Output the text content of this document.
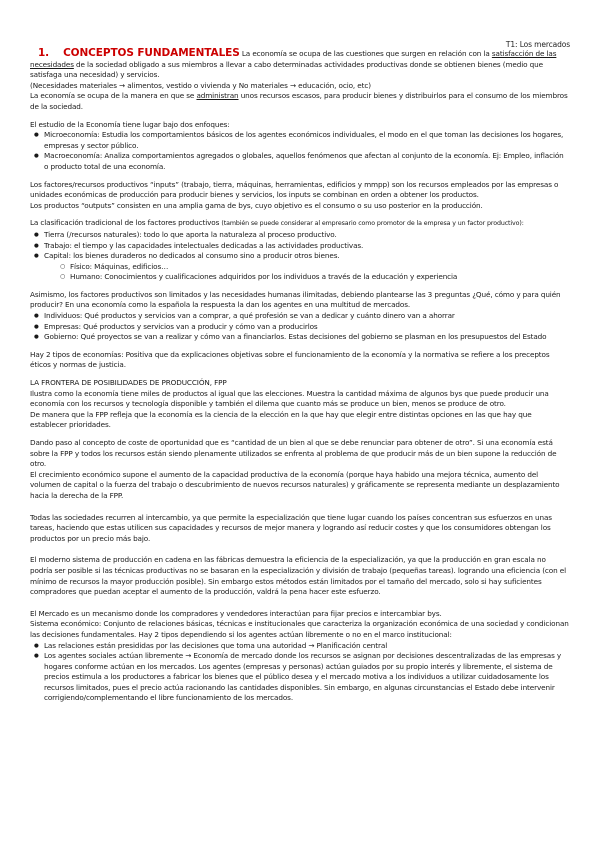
T1: Los mercados

1. CONCEPTOS FUNDAMENTALES La economía se ocupa de las cuestiones que surgen en relación con la satisfacción de las necesidades de la sociedad obligado a sus miembros a llevar a cabo determinadas actividades productivas donde se obtienen bienes (medio que satisfaga una necesidad) y servicios.

(Necesidades materiales → alimentos, vestido o vivienda y No materiales → educación, ocio, etc)

La economía se ocupa de la manera en que se administran unos recursos escasos, para producir bienes y distribuirlos para el consumo de los miembros de la sociedad.

El estudio de la Economía tiene lugar bajo dos enfoques:

● Microeconomía: Estudia los comportamientos básicos de los agentes económicos individuales, el modo en el que toman las decisiones los hogares, empresas y sector público.
● Macroeconomía: Analiza comportamientos agregados o globales, aquellos fenómenos que afectan al conjunto de la economía. Ej: Empleo, inflación o producto total de una economía.

Los factores/recursos productivos “inputs” (trabajo, tierra, máquinas, herramientas, edificios y mmpp) son los recursos empleados por las empresas o unidades económicas de producción para producir bienes y servicios, los inputs se combinan en orden a obtener los productos.

Los productos “outputs” consisten en una amplia gama de bys, cuyo objetivo es el consumo o su uso posterior en la producción.

La clasificación tradicional de los factores productivos (también se puede considerar al empresario como promotor de la empresa y un factor productivo):

● Tierra (/recursos naturales): todo lo que aporta la naturaleza al proceso productivo.
● Trabajo: el tiempo y las capacidades intelectuales dedicadas a las actividades productivas.
● Capital: los bienes duraderos no dedicados al consumo sino a producir otros bienes.
○ Físico: Máquinas, edificios…
○ Humano: Conocimientos y cualificaciones adquiridos por los individuos a través de la educación y experiencia

Asimismo, los factores productivos son limitados y las necesidades humanas ilimitadas, debiendo plantearse las 3 preguntas ¿Qué, cómo y para quién producir? En una economía como la española la respuesta la dan los agentes en una multitud de mercados.

● Individuos: Qué productos y servicios van a comprar, a qué profesión se van a dedicar y cuánto dinero van a ahorrar
● Empresas: Qué productos y servicios van a producir y cómo van a producirlos
● Gobierno: Qué proyectos se van a realizar y cómo van a financiarlos. Estas decisiones del gobierno se plasman en los presupuestos del Estado

Hay 2 tipos de economías: Positiva que da explicaciones objetivas sobre el funcionamiento de la economía y la normativa se refiere a los preceptos éticos y normas de justicia.

LA FRONTERA DE POSIBILIDADES DE PRODUCCIÓN, FPP

Ilustra como la economía tiene miles de productos al igual que las elecciones. Muestra la cantidad máxima de algunos bys que puede producir una economía con los recursos y tecnología disponible y también el dilema que cuanto más se produce un bien, menos se produce de otro.

De manera que la FPP refleja que la economía es la ciencia de la elección en la que hay que elegir entre distintas opciones en las que hay que establecer prioridades.

Dando paso al concepto de coste de oportunidad que es “cantidad de un bien al que se debe renunciar para obtener de otro”. Si una economía está sobre la FPP y todos los recursos están siendo plenamente utilizados se enfrenta al problema de que producir más de un bien supone la reducción de otro.

El crecimiento económico supone el aumento de la capacidad productiva de la economía (porque haya habido una mejora técnica, aumento del volumen de capital o la fuerza del trabajo o descubrimiento de nuevos recursos naturales) y gráficamente se representa mediante un desplazamiento hacia la derecha de la FPP.

Todas las sociedades recurren al intercambio, ya que permite la especialización que tiene lugar cuando los países concentran sus esfuerzos en unas tareas, haciendo que estas utilicen sus capacidades y recursos de mejor manera y logrando así reducir costes y que los consumidores obtengan los productos por un precio más bajo.

El moderno sistema de producción en cadena en las fábricas demuestra la eficiencia de la especialización, ya que la producción en gran escala no podría ser posible si las técnicas productivas no se basaran en la especialización y división de trabajo (pequeñas tareas). logrando una eficiencia (con el mínimo de recursos la mayor producción posible). Sin embargo estos métodos están limitados por el tamaño del mercado, solo si hay suficientes compradores que puedan aceptar el aumento de la producción, valdrá la pena hacer este esfuerzo.

El Mercado es un mecanismo donde los compradores y vendedores interactúan para fijar precios e intercambiar bys.

Sistema económico: Conjunto de relaciones básicas, técnicas e institucionales que caracteriza la organización económica de una sociedad y condicionan las decisiones fundamentales. Hay 2 tipos dependiendo si los agentes actúan libremente o no en el marco institucional:

● Las relaciones están presididas por las decisiones que toma una autoridad → Planificación central
● Los agentes sociales actúan libremente → Economía de mercado donde los recursos se asignan por decisiones descentralizadas de las empresas y hogares conforme actúan en los mercados. Los agentes (empresas y personas) actúan guiados por su propio interés y libremente, el sistema de precios estimula a los productores a fabricar los bienes que el público desea y el mercado motiva a los individuos a utilizar cuidadosamente los recursos limitados, pues el precio actúa racionando las cantidades disponibles. Sin embargo, en algunas circunstancias el Estado debe intervenir corrigiendo/complementando el libre funcionamiento de los mercados.
